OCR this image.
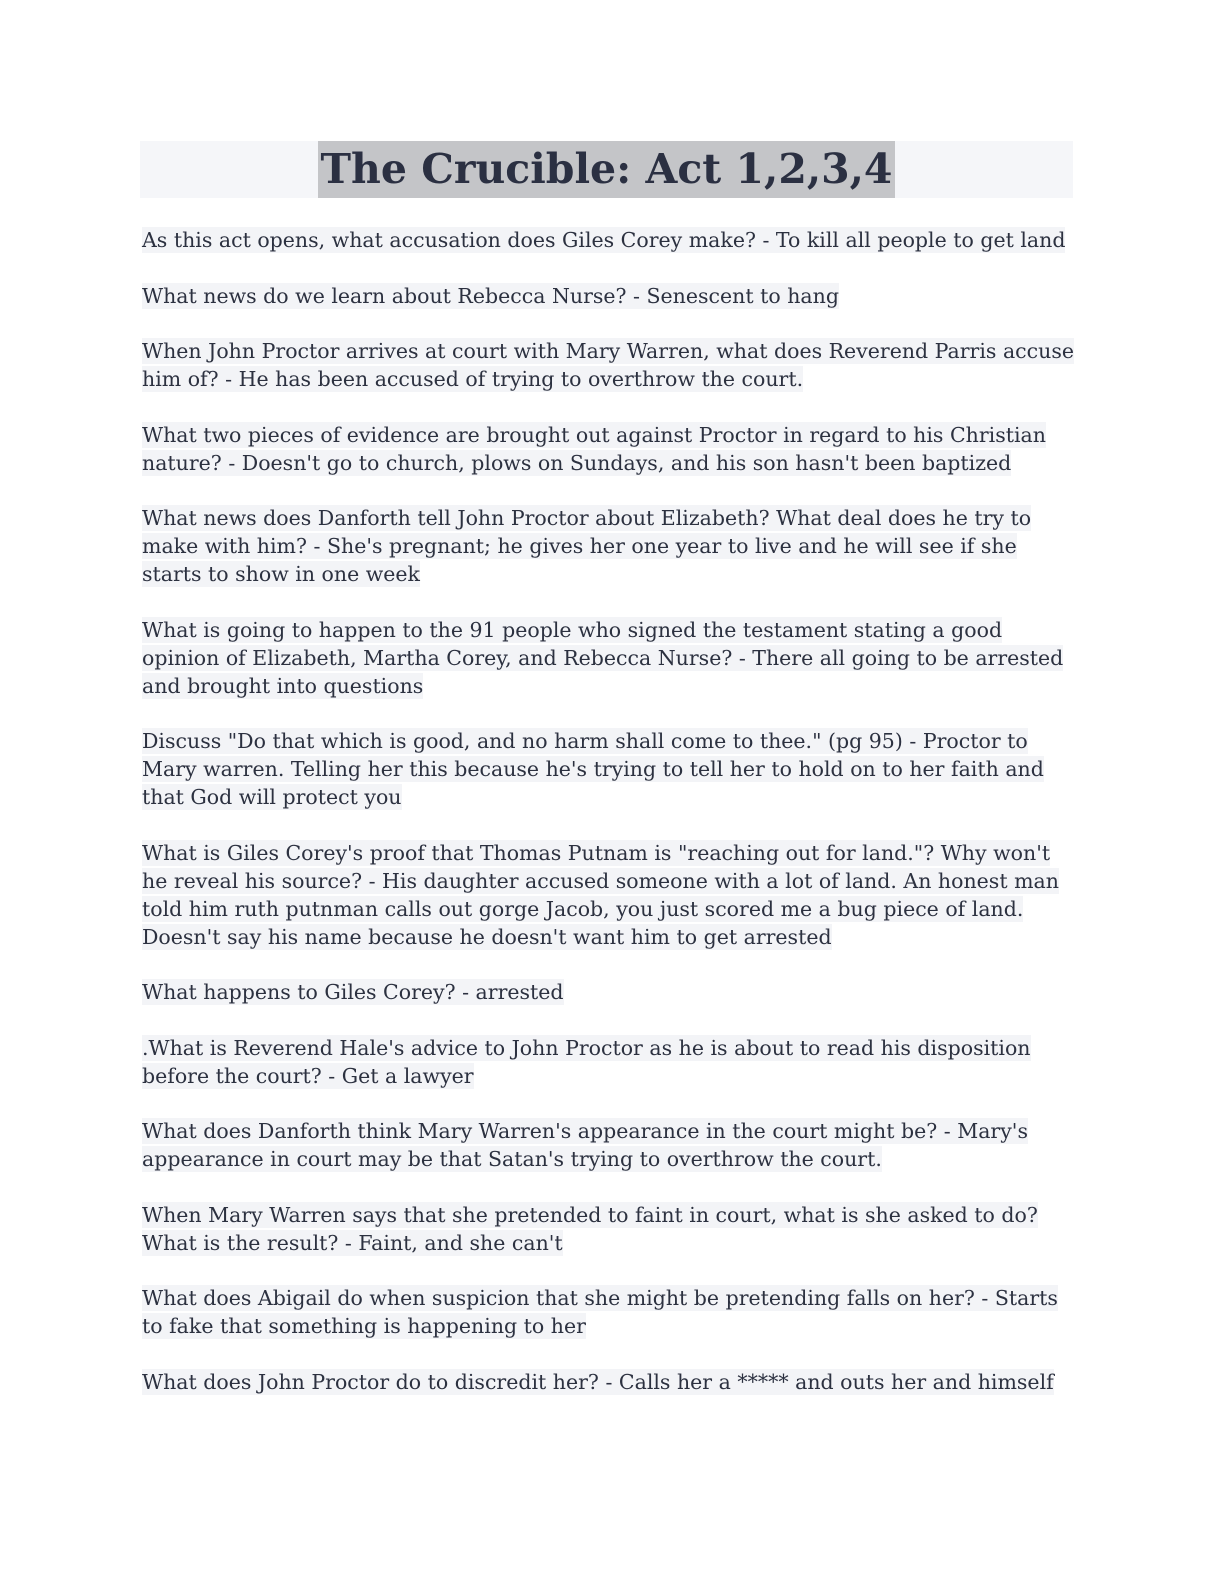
The Crucible: Act 1,2,3,4

As this act opens, what accusation does Giles Corey make? - To kill all people to get land

What news do we learn about Rebecca Nurse? - Senescent to hang

When John Proctor arrives at court with Mary Warren, what does Reverend Parris accuse him of? - He has been accused of trying to overthrow the court.

What two pieces of evidence are brought out against Proctor in regard to his Christian nature? - Doesn't go to church, plows on Sundays, and his son hasn't been baptized

What news does Danforth tell John Proctor about Elizabeth? What deal does he try to make with him? - She's pregnant; he gives her one year to live and he will see if she starts to show in one week

What is going to happen to the 91 people who signed the testament stating a good opinion of Elizabeth, Martha Corey, and Rebecca Nurse? - There all going to be arrested and brought into questions

Discuss "Do that which is good, and no harm shall come to thee." (pg 95) - Proctor to Mary warren. Telling her this because he's trying to tell her to hold on to her faith and that God will protect you

What is Giles Corey's proof that Thomas Putnam is "reaching out for land."? Why won't he reveal his source? - His daughter accused someone with a lot of land. An honest man told him ruth putnman calls out gorge Jacob, you just scored me a bug piece of land. Doesn't say his name because he doesn't want him to get arrested

What happens to Giles Corey? - arrested

.What is Reverend Hale's advice to John Proctor as he is about to read his disposition before the court? - Get a lawyer

What does Danforth think Mary Warren's appearance in the court might be? - Mary's appearance in court may be that Satan's trying to overthrow the court.

When Mary Warren says that she pretended to faint in court, what is she asked to do? What is the result? - Faint, and she can't

What does Abigail do when suspicion that she might be pretending falls on her? - Starts to fake that something is happening to her

What does John Proctor do to discredit her? - Calls her a ***** and outs her and himself
